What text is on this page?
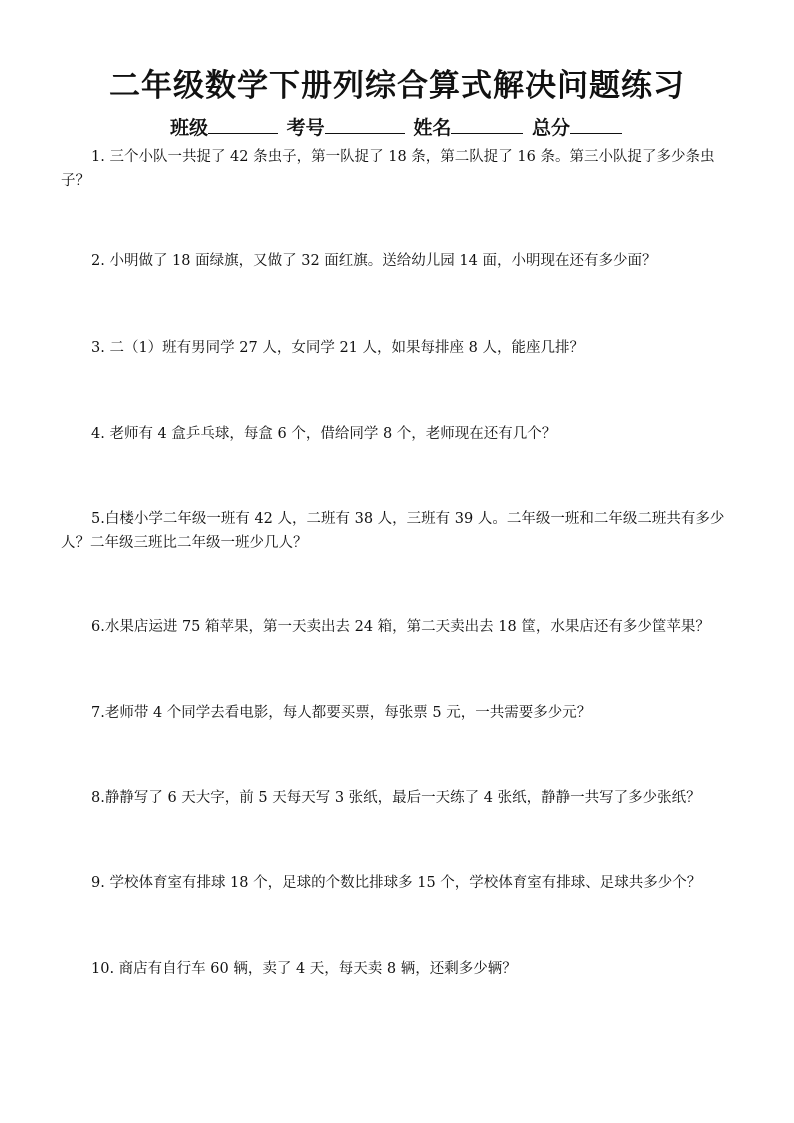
二年级数学下册列综合算式解决问题练习
班级	考号	姓名	总分
1. 三个小队一共捉了 42 条虫子，第一队捉了 18 条，第二队捉了 16 条。第三小队捉了多少条虫子？
2. 小明做了 18 面绿旗，又做了 32 面红旗。送给幼儿园 14 面，小明现在还有多少面？
3. 二（1）班有男同学 27 人，女同学 21 人，如果每排座 8 人，能座几排？
4. 老师有 4 盒乒乓球，每盒 6 个，借给同学 8 个，老师现在还有几个？
5.白楼小学二年级一班有 42 人，二班有 38 人，三班有 39 人。二年级一班和二年级二班共有多少人？二年级三班比二年级一班少几人？
6.水果店运进 75 箱苹果，第一天卖出去 24 箱，第二天卖出去 18 筐，水果店还有多少筐苹果？
7.老师带 4 个同学去看电影，每人都要买票，每张票 5 元，一共需要多少元？
8.静静写了 6 天大字，前 5 天每天写 3 张纸，最后一天练了 4 张纸，静静一共写了多少张纸？
9. 学校体育室有排球 18 个，足球的个数比排球多 15 个，学校体育室有排球、足球共多少个？
10. 商店有自行车 60 辆，卖了 4 天，每天卖 8 辆，还剩多少辆？
